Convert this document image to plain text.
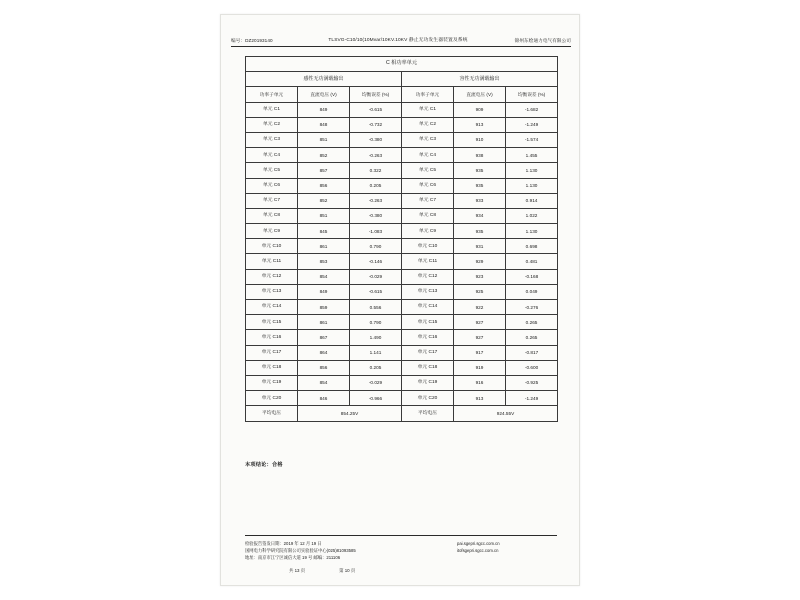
编号：DZ20193140	TLSVG-C10/10(10Mvar/10KV.10KV 静止无功发生器装置及系统	锦州东绘通力电气有限公司
C 相功率单元					
感性无功满载输出			容性无功满载输出		
功率子单元	直流电压 (V)	均衡误差 (%)	功率子单元	直流电压 (V)	均衡误差 (%)
单元 C1	849	-0.615	单元 C1	909	-1.682
单元 C2	848	-0.732	单元 C2	913	-1.249
单元 C3	851	-0.380	单元 C3	910	-1.574
单元 C4	852	-0.263	单元 C4	938	1.455
单元 C5	857	0.322	单元 C5	935	1.130
单元 C6	856	0.205	单元 C6	935	1.130
单元 C7	852	-0.263	单元 C7	933	0.914
单元 C8	851	-0.380	单元 C8	934	1.022
单元 C9	845	-1.083	单元 C9	935	1.130
单元 C10	861	0.790	单元 C10	931	0.698
单元 C11	853	-0.146	单元 C11	929	0.481
单元 C12	854	-0.029	单元 C12	923	-0.168
单元 C13	849	-0.615	单元 C13	925	0.049
单元 C14	859	0.556	单元 C14	922	-0.276
单元 C15	861	0.790	单元 C15	927	0.265
单元 C16	867	1.490	单元 C16	927	0.265
单元 C17	864	1.141	单元 C17	917	-0.817
单元 C18	856	0.205	单元 C18	919	-0.600
单元 C19	854	-0.029	单元 C19	916	-0.925
单元 C20	846	-0.966	单元 C20	913	-1.249
平均电压	854.25V		平均电压	924.55V	
本项结论：合格
检验报告签发日期：2019 年 12 月 19 日
国网电力科学研究院有限公司实验验证中心(025)81093585
地址：南京市江宁区诚信大道 19 号 邮编：211106
pai.sgepri.sgcc.com.cn
itofsgepri.sgcc.com.cn
共 13 页	第 10 页
